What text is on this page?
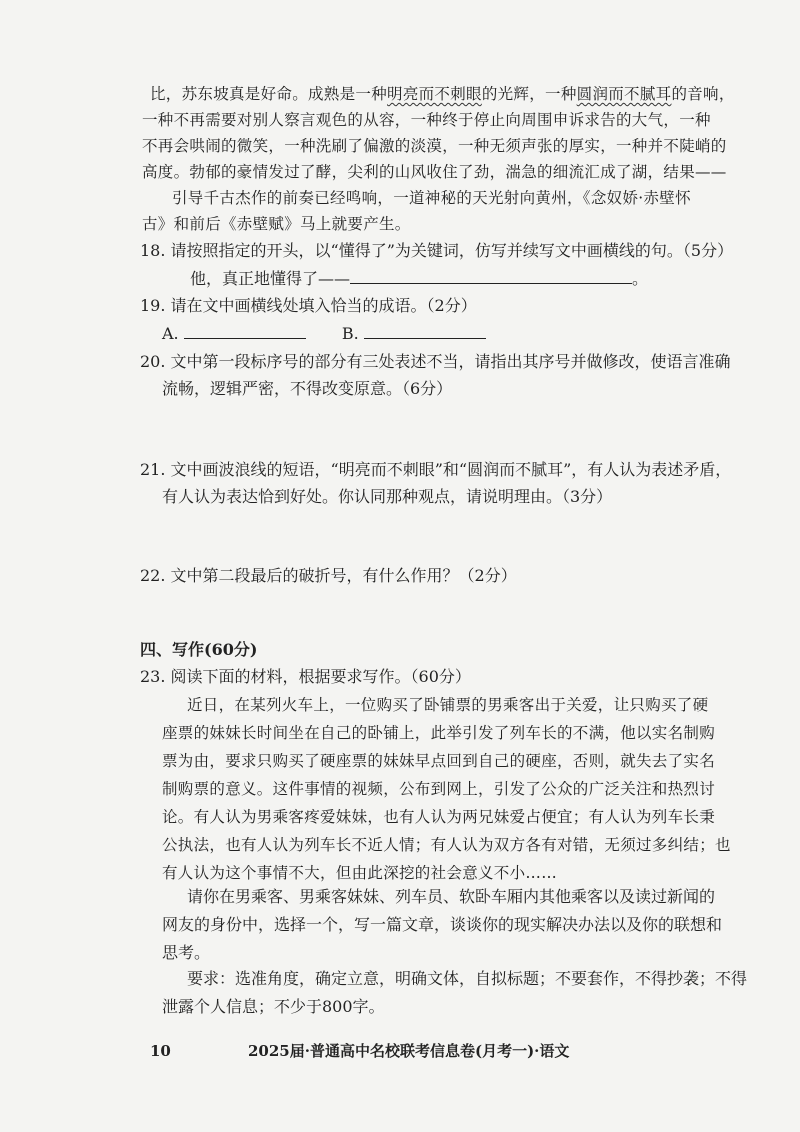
比，苏东坡真是好命。成熟是一种明亮而不刺眼的光辉，一种圆润而不腻耳的音响，
一种不再需要对别人察言观色的从容，一种终于停止向周围申诉求告的大气，一种
不再会哄闹的微笑，一种洗刷了偏激的淡漠，一种无须声张的厚实，一种并不陡峭的
高度。勃郁的豪情发过了酵，尖利的山风收住了劲，湍急的细流汇成了湖，结果——
引导千古杰作的前奏已经鸣响，一道神秘的天光射向黄州，《念奴娇·赤壁怀
古》和前后《赤壁赋》马上就要产生。
18. 请按照指定的开头，以“懂得了”为关键词，仿写并续写文中画横线的句。（5分）
他，真正地懂得了——	。
19. 请在文中画横线处填入恰当的成语。（2分）
A.	B.
20. 文中第一段标序号的部分有三处表述不当，请指出其序号并做修改，使语言准确
流畅，逻辑严密，不得改变原意。（6分）
21. 文中画波浪线的短语，“明亮而不刺眼”和“圆润而不腻耳”，有人认为表述矛盾，
有人认为表达恰到好处。你认同那种观点，请说明理由。（3分）
22. 文中第二段最后的破折号，有什么作用？（2分）
四、写作(60分)
23. 阅读下面的材料，根据要求写作。（60分）
近日，在某列火车上，一位购买了卧铺票的男乘客出于关爱，让只购买了硬
座票的妹妹长时间坐在自己的卧铺上，此举引发了列车长的不满，他以实名制购
票为由，要求只购买了硬座票的妹妹早点回到自己的硬座，否则，就失去了实名
制购票的意义。这件事情的视频，公布到网上，引发了公众的广泛关注和热烈讨
论。有人认为男乘客疼爱妹妹，也有人认为两兄妹爱占便宜；有人认为列车长秉
公执法，也有人认为列车长不近人情；有人认为双方各有对错，无须过多纠结；也
有人认为这个事情不大，但由此深挖的社会意义不小……
请你在男乘客、男乘客妹妹、列车员、软卧车厢内其他乘客以及读过新闻的
网友的身份中，选择一个，写一篇文章，谈谈你的现实解决办法以及你的联想和
思考。
要求：选准角度，确定立意，明确文体，自拟标题；不要套作，不得抄袭；不得
泄露个人信息；不少于800字。
10	2025届·普通高中名校联考信息卷(月考一)·语文
